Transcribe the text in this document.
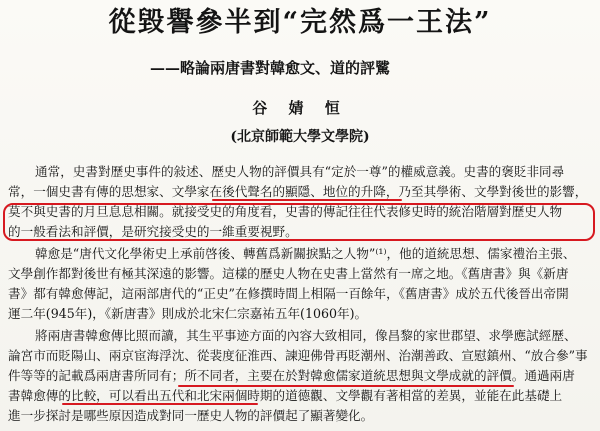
從毀譽參半到“完然爲一王法”
——略論兩唐書對韓愈文、道的評騭
谷 婧 恒
(北京師範大學文學院)
通常，史書對歷史事件的敍述、歷史人物的評價具有“定於一尊”的權威意義。史書的褒貶非同尋
常，一個史書有傳的思想家、文學家在後代聲名的顯隱、地位的升降，乃至其學術、文學對後世的影響，
莫不與史書的月旦息息相關。就接受史的角度看，史書的傳記往往代表修史時的統治階層對歷史人物
的一般看法和評價，是研究接受史的一維重要視野。
韓愈是“唐代文化學術史上承前啓後、轉舊爲新關捩點之人物”⁽¹⁾，他的道統思想、儒家禮治主張、
文學創作都對後世有極其深遠的影響。這樣的歷史人物在史書上當然有一席之地。《舊唐書》與《新唐
書》都有韓愈傳記，這兩部唐代的“正史”在修撰時間上相隔一百餘年，《舊唐書》成於五代後晉出帝開
運二年(945年)，《新唐書》則成於北宋仁宗嘉祐五年(1060年)。
將兩唐書韓愈傳比照而讀，其生平事迹方面的內容大致相同，像昌黎的家世郡望、求學應試經歷、
論宮市而貶陽山、兩京宦海浮沈、從裴度征淮西、諫迎佛骨再貶潮州、治潮善政、宣慰鎮州、“放合參”事
件等等的記載爲兩唐書所同有；所不同者，主要在於對韓愈儒家道統思想與文學成就的評價。通過兩唐
書韓愈傳的比較，可以看出五代和北宋兩個時期的道德觀、文學觀有著相當的差異，並能在此基礎上
進一步探討是哪些原因造成對同一歷史人物的評價起了顯著變化。
